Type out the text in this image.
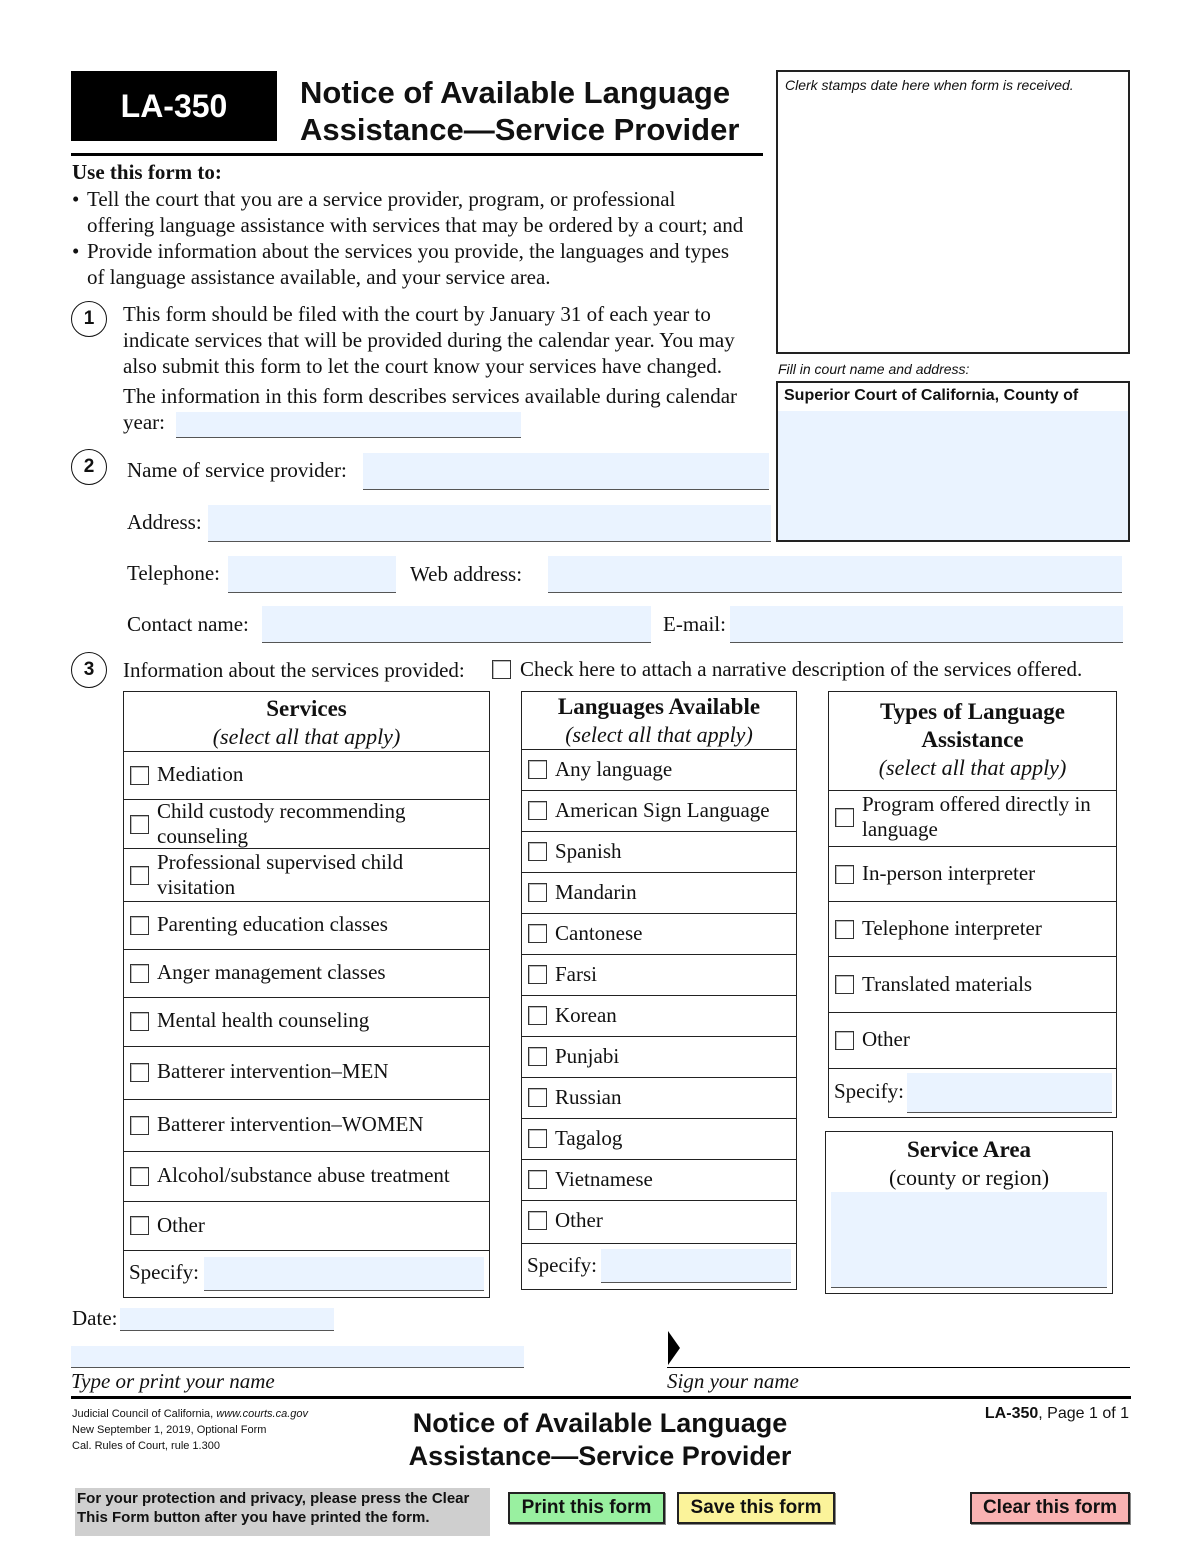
LA-350	Notice of Available Language
Assistance—Service Provider
Use this form to:
• Tell the court that you are a service provider, program, or professional
offering language assistance with services that may be ordered by a court; and
• Provide information about the services you provide, the languages and types
of language assistance available, and your service area.
Clerk stamps date here when form is received.
Fill in court name and address:
Superior Court of California, County of
1	This form should be filed with the court by January 31 of each year to
indicate services that will be provided during the calendar year. You may
also submit this form to let the court know your services have changed.
The information in this form describes services available during calendar
year:
2	Name of service provider:
Address:
Telephone:	Web address:
Contact name:	E-mail:
3	Information about the services provided:	Check here to attach a narrative description of the services offered.
Services
(select all that apply)
Mediation
Child custody recommending
counseling
Professional supervised child
visitation
Parenting education classes
Anger management classes
Mental health counseling
Batterer intervention–MEN
Batterer intervention–WOMEN
Alcohol/substance abuse treatment
Other
Specify:
Languages Available
(select all that apply)
Any language
American Sign Language
Spanish
Mandarin
Cantonese
Farsi
Korean
Punjabi
Russian
Tagalog
Vietnamese
Other
Specify:
Types of Language
Assistance
(select all that apply)
Program offered directly in
language
In-person interpreter
Telephone interpreter
Translated materials
Other
Specify:
Service Area
(county or region)
Date:
Type or print your name	Sign your name
Judicial Council of California, www.courts.ca.gov
New September 1, 2019, Optional Form
Cal. Rules of Court, rule 1.300
Notice of Available Language
Assistance—Service Provider
LA-350, Page 1 of 1
For your protection and privacy, please press the Clear
This Form button after you have printed the form.	Print this form	Save this form	Clear this form
